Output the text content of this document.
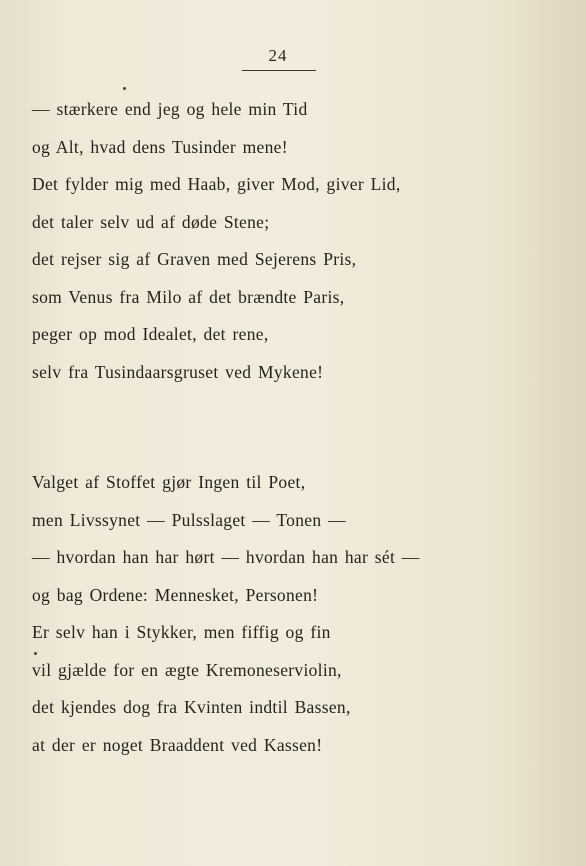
24
— stærkere end jeg og hele min Tid
og Alt, hvad dens Tusinder mene!
Det fylder mig med Haab, giver Mod, giver Lid,
det taler selv ud af døde Stene;
det rejser sig af Graven med Sejerens Pris,
som Venus fra Milo af det brændte Paris,
peger op mod Idealet, det rene,
selv fra Tusindaarsgruset ved Mykene!
Valget af Stoffet gjør Ingen til Poet,
men Livssynet — Pulsslaget — Tonen —
— hvordan han har hørt — hvordan han har sét —
og bag Ordene: Mennesket, Personen!
Er selv han i Stykker, men fiffig og fin
vil gjælde for en ægte Kremoneserviolin,
det kjendes dog fra Kvinten indtil Bassen,
at der er noget Braaddent ved Kassen!
